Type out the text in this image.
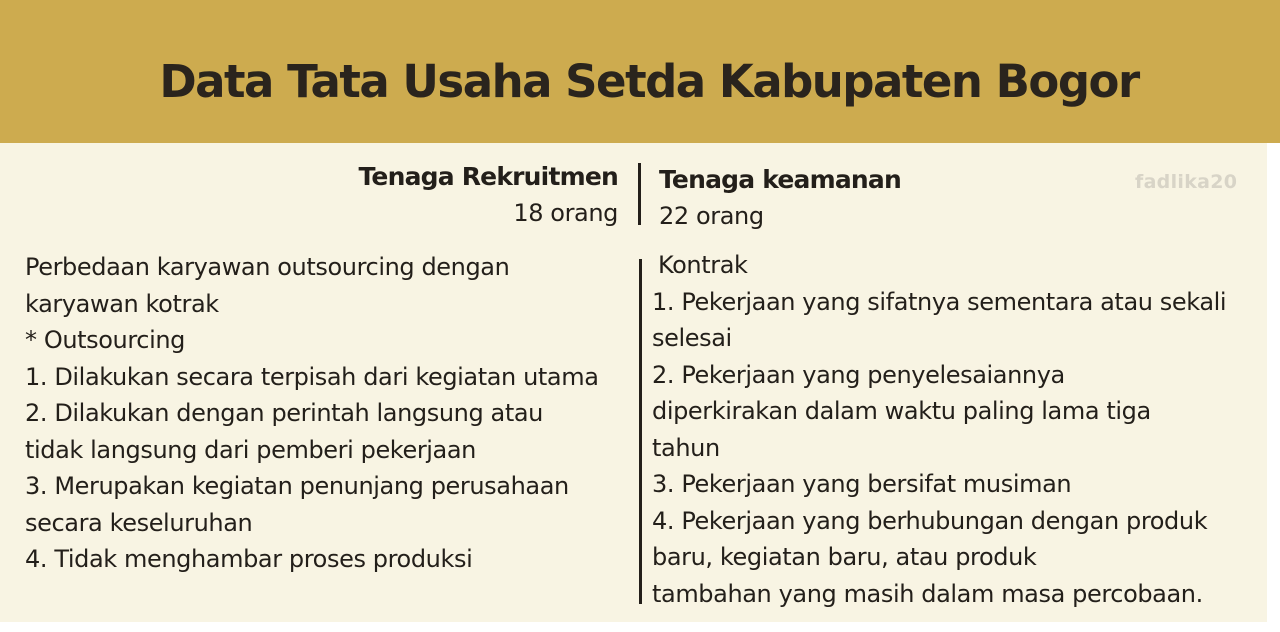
Data Tata Usaha Setda Kabupaten Bogor
Tenaga Rekruitmen
18 orang
Tenaga keamanan
22 orang
fadlika20
Perbedaan karyawan outsourcing dengan
karyawan kotrak
* Outsourcing
1. Dilakukan secara terpisah dari kegiatan utama
2. Dilakukan dengan perintah langsung atau
tidak langsung dari pemberi pekerjaan
3. Merupakan kegiatan penunjang perusahaan
secara keseluruhan
4. Tidak menghambar proses produksi
Kontrak
1. Pekerjaan yang sifatnya sementara atau sekali
selesai
2. Pekerjaan yang penyelesaiannya
diperkirakan dalam waktu paling lama tiga
tahun
3. Pekerjaan yang bersifat musiman
4. Pekerjaan yang berhubungan dengan produk
baru, kegiatan baru, atau produk
tambahan yang masih dalam masa percobaan.
